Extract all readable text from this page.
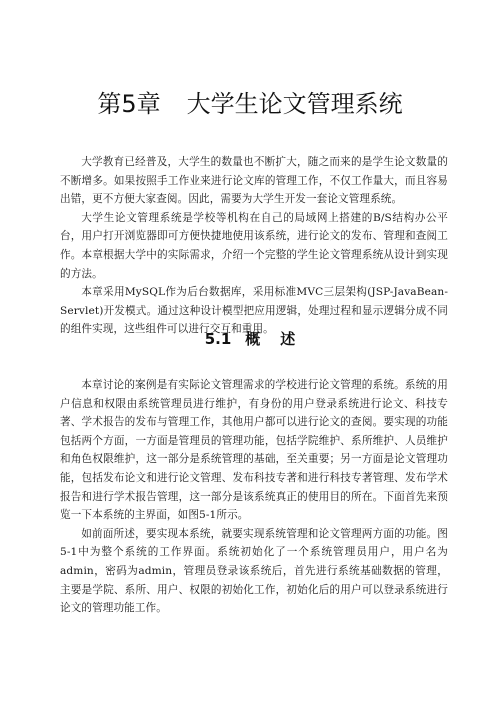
第5章 大学生论文管理系统

大学教育已经普及，大学生的数量也不断扩大，随之而来的是学生论文数量的不断增多。如果按照手工作业来进行论文库的管理工作，不仅工作量大，而且容易出错，更不方便大家查阅。因此，需要为大学生开发一套论文管理系统。

大学生论文管理系统是学校等机构在自己的局域网上搭建的B/S结构办公平台，用户打开浏览器即可方便快捷地使用该系统，进行论文的发布、管理和查阅工作。本章根据大学中的实际需求，介绍一个完整的学生论文管理系统从设计到实现的方法。

本章采用MySQL作为后台数据库，采用标准MVC三层架构(JSP-JavaBean-Servlet)开发模式。通过这种设计模型把应用逻辑，处理过程和显示逻辑分成不同的组件实现，这些组件可以进行交互和重用。

5.1 概述

本章讨论的案例是有实际论文管理需求的学校进行论文管理的系统。系统的用户信息和权限由系统管理员进行维护，有身份的用户登录系统进行论文、科技专著、学术报告的发布与管理工作，其他用户都可以进行论文的查阅。要实现的功能包括两个方面，一方面是管理员的管理功能，包括学院维护、系所维护、人员维护和角色权限维护，这一部分是系统管理的基础，至关重要；另一方面是论文管理功能，包括发布论文和进行论文管理、发布科技专著和进行科技专著管理、发布学术报告和进行学术报告管理，这一部分是该系统真正的使用目的所在。下面首先来预览一下本系统的主界面，如图5-1所示。

如前面所述，要实现本系统，就要实现系统管理和论文管理两方面的功能。图5-1中为整个系统的工作界面。系统初始化了一个系统管理员用户，用户名为admin，密码为admin，管理员登录该系统后，首先进行系统基础数据的管理，主要是学院、系所、用户、权限的初始化工作，初始化后的用户可以登录系统进行论文的管理功能工作。
